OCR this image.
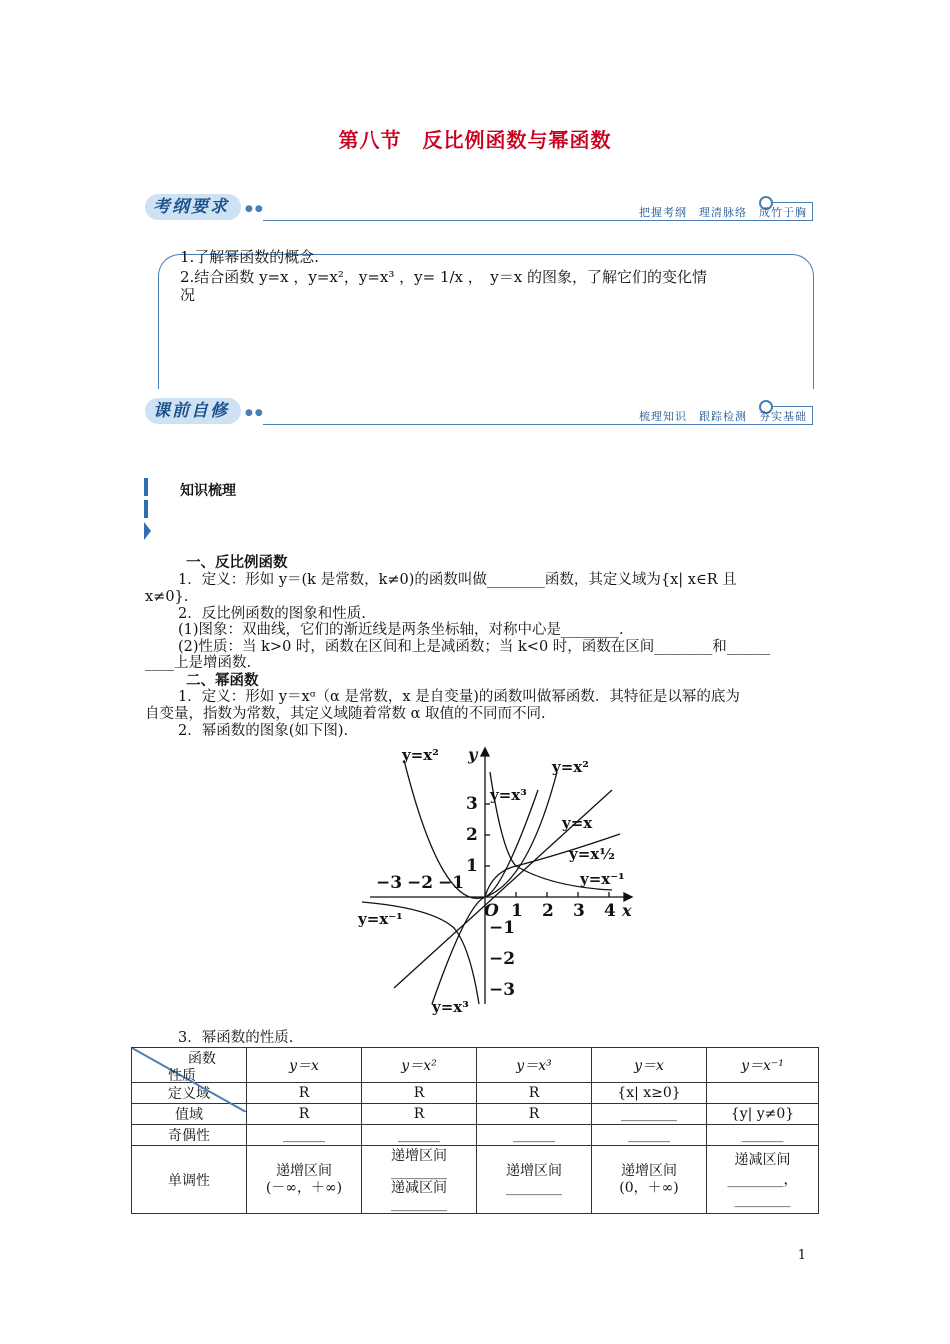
第八节　反比例函数与幂函数
考纲要求	●●	把握考纲　理清脉络　成竹于胸
1.了解幂函数的概念.
2.结合函数 y=x ，y=x²，y=x³ ，y= 1/x ，　y＝x 的图象，了解它们的变化情
况
课前自修	●●	梳理知识　跟踪检测　夯实基础
知识梳理
一、反比例函数
1．定义：形如 y＝(k 是常数，k≠0)的函数叫做________函数，其定义域为{x| x∈R 且
x≠0}.
2．反比例函数的图象和性质.
(1)图象：双曲线，它们的渐近线是两条坐标轴，对称中心是________.
(2)性质：当 k>0 时，函数在区间和上是减函数；当 k<0 时，函数在区间________和______
____上是增函数.
二、幂函数
1．定义：形如 y＝xᵅ（α 是常数，x 是自变量)的函数叫做幂函数．其特征是以幂的底为
自变量，指数为常数，其定义域随着常数 α 取值的不同而不同.
2．幂函数的图象(如下图).
y=x²
y=x²
y=x³
y=x
y=x½
y=x⁻¹
y=x⁻¹
y=x³
−3 −2 −1
1 2 3 4
3
2
1
−1
−2
−3
O	x
y
3．幂函数的性质.
函数
性质	y＝x	y＝x²	y＝x³	y＝x	y＝x⁻¹
定义域	R	R	R	{x| x≥0}	
值域	R	R	R	________	{y| y≠0}
奇偶性	______	______	______	______	______
单调性	递增区间
(－∞，＋∞)	递增区间
________
递减区间
________	递增区间
________	递增区间
(0，＋∞)	递减区间
________，
________
1
